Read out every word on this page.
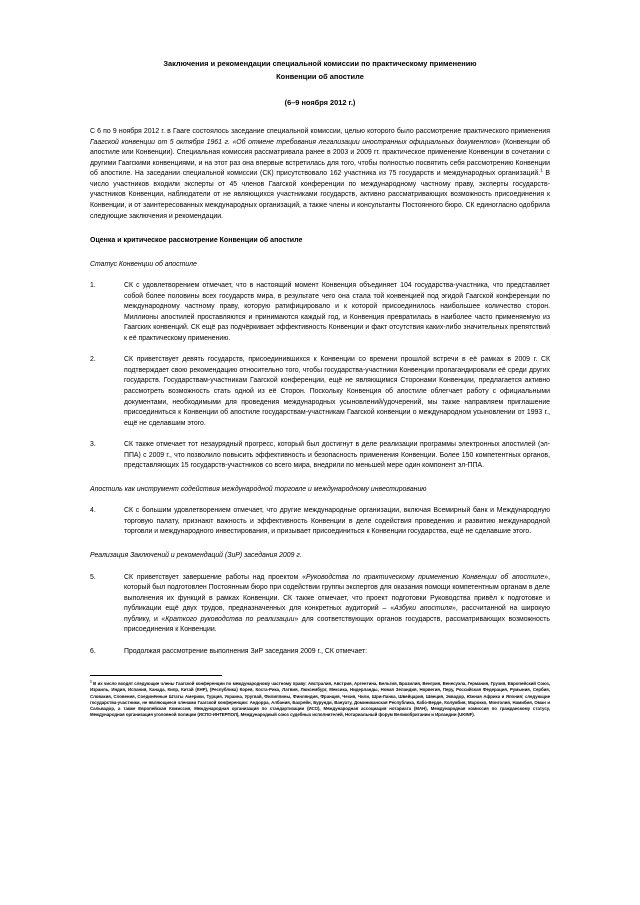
Заключения и рекомендации специальной комиссии по практическому применению
Конвенции об апостиле
(6–9 ноября 2012 г.)

С 6 по 9 ноября 2012 г. в Гааге состоялось заседание специальной комиссии, целью которого было рассмотрение практического применения Гаагской конвенции от 5 октября 1961 г. «Об отмене требования легализации иностранных официальных документов» (Конвенции об апостиле или Конвенции). Специальная комиссия рассматривала ранее в 2003 и 2009 гг. практическое применение Конвенции в сочетании с другими Гаагскими конвенциями, и на этот раз она впервые встретилась для того, чтобы полностью посвятить себя рассмотрению Конвенции об апостиле. На заседании специальной комиссии (СК) присутствовало 162 участника из 75 государств и международных организаций.$^1$ В число участников входили эксперты от 45 членов Гаагской конференции по международному частному праву, эксперты государств-участников Конвенции, наблюдатели от не являющихся участниками государств, активно рассматривающих возможность присоединения к Конвенции, и от заинтересованных международных организаций, а также члены и консультанты Постоянного бюро. СК единогласно одобрила следующие заключения и рекомендации.

Оценка и критическое рассмотрение Конвенции об апостиле
Статус Конвенции об апостиле
1.	СК с удовлетворением отмечает, что в настоящий момент Конвенция объединяет 104 государства-участника, что представляет собой более половины всех государств мира, в результате чего она стала той конвенцией под эгидой Гаагской конференции по международному частному праву, которую ратифицировало и к которой присоединилось наибольшее количество сторон. Миллионы апостилей проставляются и принимаются каждый год, и Конвенция превратилась в наиболее часто применяемую из Гаагских конвенций. СК ещё раз подчёркивает эффективность Конвенции и факт отсутствия каких-либо значительных препятствий к её практическому применению.
2.	СК приветствует девять государств, присоединившихся к Конвенции со времени прошлой встречи в её рамках в 2009 г. СК подтверждает свою рекомендацию относительно того, чтобы государства-участники Конвенции пропагандировали её среди других государств. Государствам-участникам Гаагской конференции, ещё не являющимся Сторонами Конвенции, предлагается активно рассмотреть возможность стать одной из её Сторон. Поскольку Конвенция об апостиле облегчает работу с официальными документами, необходимыми для проведения международных усыновлений/удочерений, мы также направляем приглашение присоединиться к Конвенции об апостиле государствам-участникам Гаагской конвенции о международном усыновлении от 1993 г., ещё не сделавшим этого.
3.	СК также отмечает тот незаурядный прогресс, который был достигнут в деле реализации программы электронных апостилей (эл-ППА) с 2009 г., что позволило повысить эффективность и безопасность применения Конвенции. Более 150 компетентных органов, представляющих 15 государств-участников со всего мира, внедрили по меньшей мере один компонент эл-ППА.
Апостиль как инструмент содействия международной торговле и международному инвестированию
4.	СК с большим удовлетворением отмечает, что другие международные организации, включая Всемирный банк и Международную торговую палату, признают важность и эффективность Конвенции в деле содействия проведению и развитию международной торговли и международного инвестирования, и призывает присоединиться к Конвенции государства, ещё не сделавшие этого.
Реализация Заключений и рекомендаций (ЗиР) заседания 2009 г.
5.	СК приветствует завершение работы над проектом «Руководства по практическому применению Конвенции об апостиле», который был подготовлен Постоянным бюро при содействии группы экспертов для оказания помощи компетентным органам в деле выполнения их функций в рамках Конвенции. СК также отмечает, что проект подготовки Руководства привёл к подготовке и публикации ещё двух трудов, предназначенных для конкретных аудиторий – «Азбуки апостиля», рассчитанной на широкую публику, и «Краткого руководства по реализации» для соответствующих органов государств, рассматривающих возможность присоединения к Конвенции.
6.	Продолжая рассмотрение выполнения ЗиР заседания 2009 г., СК отмечает:
$^1$ В их число входят следующие члены Гаагской конференции по международному частному праву: Австралия, Австрия, Аргентина, Бельгия, Бразилия, Венгрия, Венесуэла, Германия, Грузия, Европейский Союз, Израиль, Индия, Испания, Канада, Кипр, Китай (КНР), (Республика) Корея, Коста-Рика, Латвия, Люксембург, Мексика, Нидерланды, Новая Зеландия, Норвегия, Перу, Российская Федерация, Румыния, Сербия, Словакия, Словения, Соединённые Штаты Америки, Турция, Украина, Уругвай, Филиппины, Финляндия, Франция, Чехия, Чили, Шри-Ланка, Швейцария, Швеция, Эквадор, Южная Африка и Япония; следующие государства-участники, не являющиеся членами Гаагской конференции: Андорра, Албания, Бахрейн, Бурунди, Вануату, Доминиканская Республика, Кабо-Верде, Колумбия, Марокко, Монголия, Намибия, Оман и Сальвадор, а также Европейская Комиссия, Международная организация по стандартизации (ИСО), Международная ассоциация нотариата (МАН), Международная комиссия по гражданскому статусу, Международная организация уголовной полиции (ИСПО-ИНТЕРПОЛ), Международный союз судебных исполнителей, Нотариальный форум Великобритании и Ирландии (UKINF).
